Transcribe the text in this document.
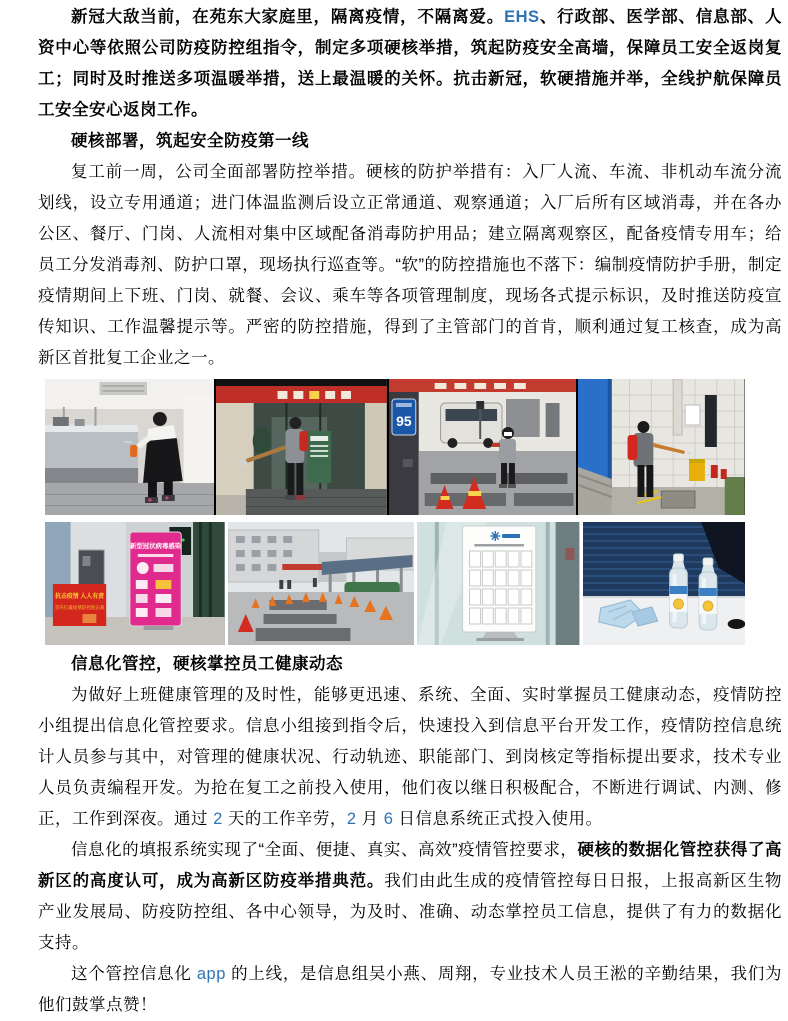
新冠大敌当前，在苑东大家庭里，隔离疫情，不隔离爱。EHS、行政部、医学部、信息部、人资中心等依照公司防疫防控组指令，制定多项硬核举措，筑起防疫安全高墙，保障员工安全返岗复工；同时及时推送多项温暖举措，送上最温暖的关怀。抗击新冠，软硬措施并举，全线护航保障员工安全安心返岗工作。

硬核部署，筑起安全防疫第一线

复工前一周，公司全面部署防控举措。硬核的防护举措有：入厂人流、车流、非机动车流分流划线，设立专用通道；进门体温监测后设立正常通道、观察通道；入厂后所有区域消毒，并在各办公区、餐厅、门岗、人流相对集中区域配备消毒防护用品；建立隔离观察区，配备疫情专用车；给员工分发消毒剂、防护口罩，现场执行巡查等。“软”的防控措施也不落下：编制疫情防护手册，制定疫情期间上下班、门岗、就餐、会议、乘车等各项管理制度，现场各式提示标识，及时推送防疫宣传知识、工作温馨提示等。严密的防控措施，得到了主管部门的首肯，顺利通过复工核查，成为高新区首批复工企业之一。

95
新型冠状病毒感染
抗击疫情 人人有责
坚决打赢疫情防控阻击战

信息化管控，硬核掌控员工健康动态

为做好上班健康管理的及时性，能够更迅速、系统、全面、实时掌握员工健康动态，疫情防控小组提出信息化管控要求。信息小组接到指令后，快速投入到信息平台开发工作，疫情防控信息统计人员参与其中，对管理的健康状况、行动轨迹、职能部门、到岗核定等指标提出要求，技术专业人员负责编程开发。为抢在复工之前投入使用，他们夜以继日积极配合，不断进行调试、内测、修正，工作到深夜。通过 2 天的工作辛劳，2 月 6 日信息系统正式投入使用。

信息化的填报系统实现了“全面、便捷、真实、高效”疫情管控要求，硬核的数据化管控获得了高新区的高度认可，成为高新区防疫举措典范。我们由此生成的疫情管控每日日报，上报高新区生物产业发展局、防疫防控组、各中心领导，为及时、准确、动态掌控员工信息，提供了有力的数据化支持。

这个管控信息化 app 的上线，是信息组吴小燕、周翔，专业技术人员王淞的辛勤结果，我们为他们鼓掌点赞！
